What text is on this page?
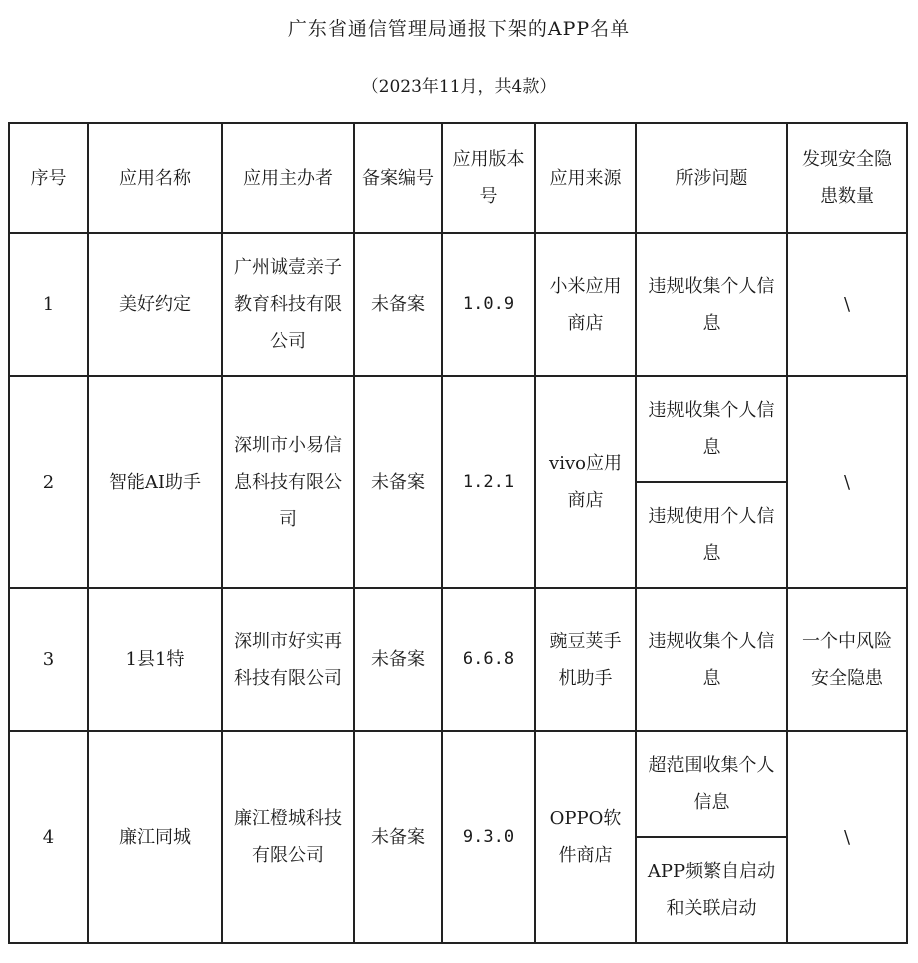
广东省通信管理局通报下架的APP名单
（2023年11月，共4款）
序号	应用名称	应用主办者	备案编号	应用版本号	应用来源	所涉问题	发现安全隐患数量
1	美好约定	广州诚壹亲子教育科技有限公司	未备案	1.0.9	小米应用商店	违规收集个人信息	\
2	智能AI助手	深圳市小易信息科技有限公司	未备案	1.2.1	vivo应用商店	违规收集个人信息	\
						违规使用个人信息	
3	1县1特	深圳市好实再科技有限公司	未备案	6.6.8	豌豆荚手机助手	违规收集个人信息	一个中风险安全隐患
4	廉江同城	廉江橙城科技有限公司	未备案	9.3.0	OPPO软件商店	超范围收集个人信息	\
						APP频繁自启动和关联启动	
